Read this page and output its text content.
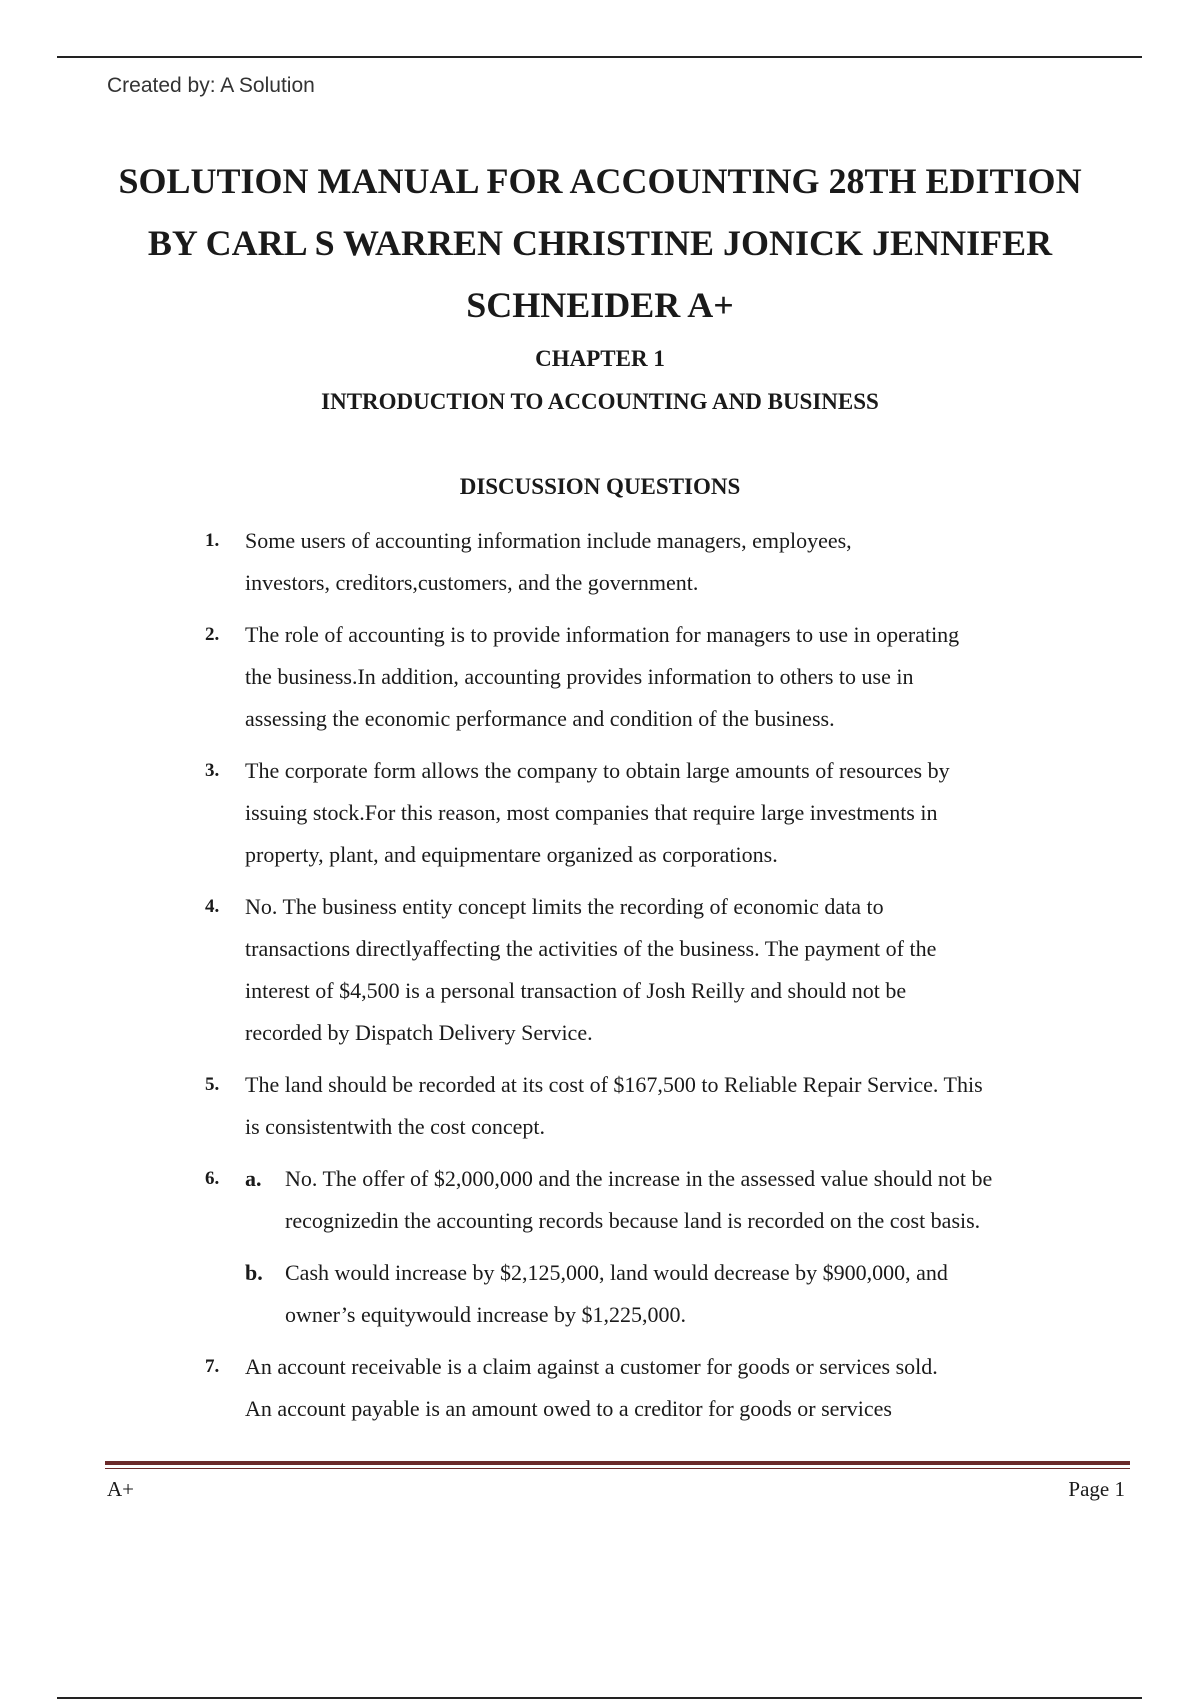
Created by: A Solution
SOLUTION MANUAL FOR ACCOUNTING 28TH EDITION
BY CARL S WARREN CHRISTINE JONICK JENNIFER
SCHNEIDER A+
CHAPTER 1
INTRODUCTION TO ACCOUNTING AND BUSINESS
DISCUSSION QUESTIONS
1.	Some users of accounting information include managers, employees,
investors, creditors,customers, and the government.
2.	The role of accounting is to provide information for managers to use in operating
the business.In addition, accounting provides information to others to use in
assessing the economic performance and condition of the business.
3.	The corporate form allows the company to obtain large amounts of resources by
issuing stock.For this reason, most companies that require large investments in
property, plant, and equipmentare organized as corporations.
4.	No. The business entity concept limits the recording of economic data to
transactions directlyaffecting the activities of the business. The payment of the
interest of $4,500 is a personal transaction of Josh Reilly and should not be
recorded by Dispatch Delivery Service.
5.	The land should be recorded at its cost of $167,500 to Reliable Repair Service. This
is consistentwith the cost concept.
6.	a.	No. The offer of $2,000,000 and the increase in the assessed value should not be
recognizedin the accounting records because land is recorded on the cost basis.
b.	Cash would increase by $2,125,000, land would decrease by $900,000, and
owner’s equitywould increase by $1,225,000.
7.	An account receivable is a claim against a customer for goods or services sold.
An account payable is an amount owed to a creditor for goods or services
A+	Page 1
